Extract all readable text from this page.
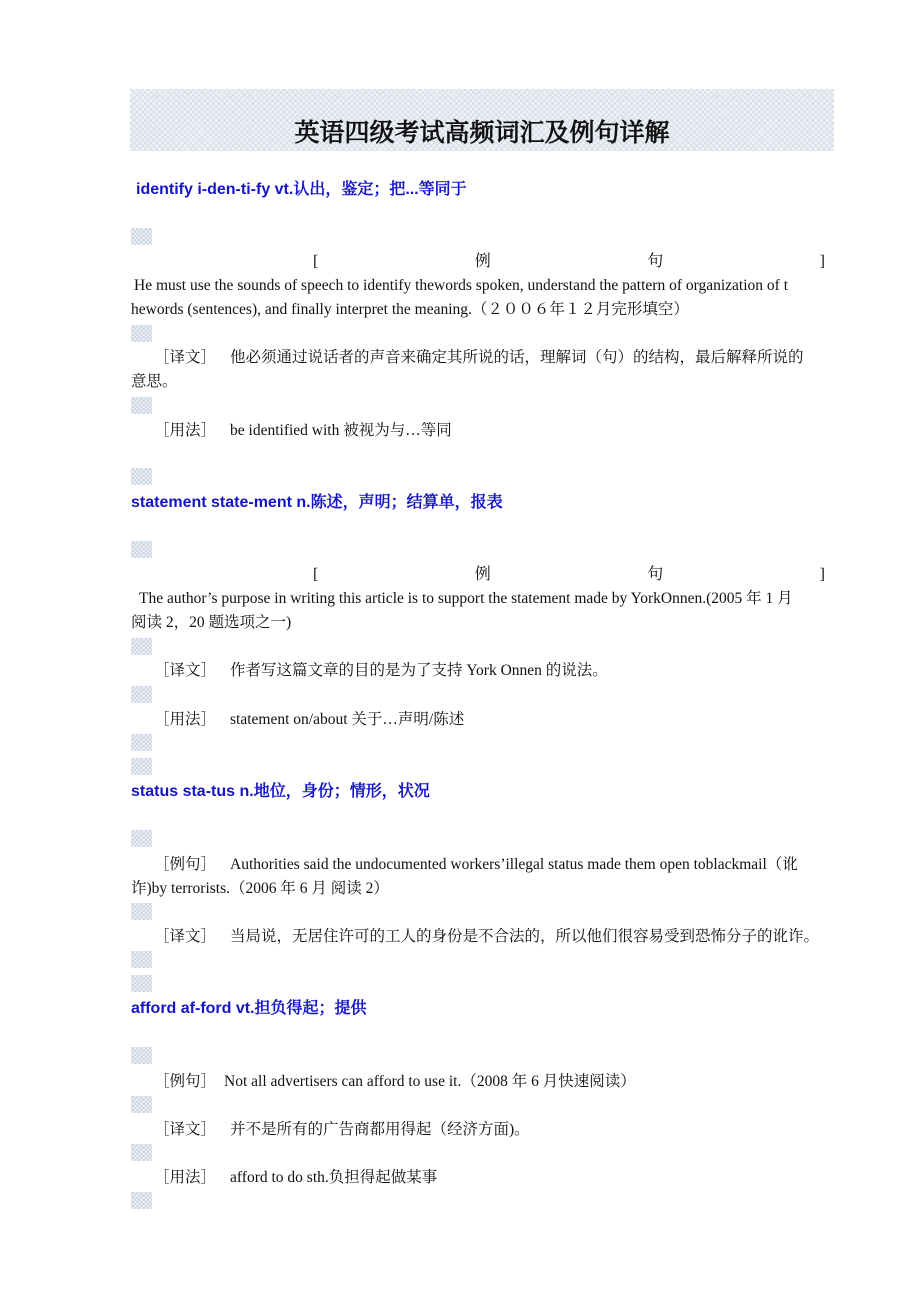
英语四级考试高频词汇及例句详解
identify i-den-ti-fy vt.认出，鉴定；把...等同于
[	例	句	]
He must use the sounds of speech to identify thewords spoken, understand the pattern of organization of t
hewords (sentences), and finally interpret the meaning.（２００６年１２月完形填空）
［译文］ 他必须通过说话者的声音来确定其所说的话，理解词（句）的结构，最后解释所说的
意思。
［用法］ be identified with 被视为与…等同
statement state-ment n.陈述，声明；结算单，报表
[	例	句	]
The author’s purpose in writing this article is to support the statement made by YorkOnnen.(2005 年 1 月
阅读 2，20 题选项之一)
［译文］ 作者写这篇文章的目的是为了支持 York Onnen 的说法。
［用法］ statement on/about 关于…声明/陈述
status sta-tus n.地位，身份；情形，状况
［例句］ Authorities said the undocumented workers’illegal status made them open toblackmail（讹
诈)by terrorists.（2006 年 6 月 阅读 2）
［译文］ 当局说，无居住许可的工人的身份是不合法的，所以他们很容易受到恐怖分子的讹诈。
afford af-ford vt.担负得起；提供
［例句］ Not all advertisers can afford to use it.（2008 年 6 月快速阅读）
［译文］ 并不是所有的广告商都用得起（经济方面)。
［用法］ afford to do sth.负担得起做某事
